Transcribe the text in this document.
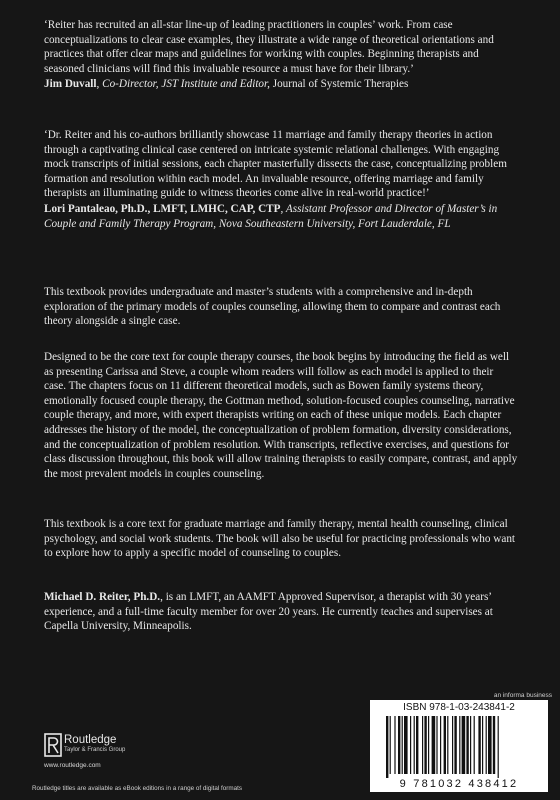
‘Reiter has recruited an all-star line-up of leading practitioners in couples’ work. From case conceptualizations to clear case examples, they illustrate a wide range of theoretical orientations and practices that offer clear maps and guidelines for working with couples. Beginning therapists and seasoned clinicians will find this invaluable resource a must have for their library.’

Jim Duvall, Co-Director, JST Institute and Editor, Journal of Systemic Therapies

‘Dr. Reiter and his co-authors brilliantly showcase 11 marriage and family therapy theories in action through a captivating clinical case centered on intricate systemic relational challenges. With engaging mock transcripts of initial sessions, each chapter masterfully dissects the case, conceptualizing problem formation and resolution within each model. An invaluable resource, offering marriage and family therapists an illuminating guide to witness theories come alive in real-world practice!’

Lori Pantaleao, Ph.D., LMFT, LMHC, CAP, CTP, Assistant Professor and Director of Master’s in Couple and Family Therapy Program, Nova Southeastern University, Fort Lauderdale, FL

This textbook provides undergraduate and master’s students with a comprehensive and in-depth exploration of the primary models of couples counseling, allowing them to compare and contrast each theory alongside a single case.
Designed to be the core text for couple therapy courses, the book begins by introducing the field as well as presenting Carissa and Steve, a couple whom readers will follow as each model is applied to their case. The chapters focus on 11 different theoretical models, such as Bowen family systems theory, emotionally focused couple therapy, the Gottman method, solution-focused couples counseling, narrative couple therapy, and more, with expert therapists writing on each of these unique models. Each chapter addresses the history of the model, the conceptualization of problem formation, diversity considerations, and the conceptualization of problem resolution. With transcripts, reflective exercises, and questions for class discussion throughout, this book will allow training therapists to easily compare, contrast, and apply the most prevalent models in couples counseling.
This textbook is a core text for graduate marriage and family therapy, mental health counseling, clinical psychology, and social work students. The book will also be useful for practicing professionals who want to explore how to apply a specific model of counseling to couples.
Michael D. Reiter, Ph.D., is an LMFT, an AAMFT Approved Supervisor, a therapist with 30 years’ experience, and a full-time faculty member for over 20 years. He currently teaches and supervises at Capella University, Minneapolis.
an informa business
ISBN 978-1-03-243841-2
9 781032 438412
Routledge
Taylor & Francis Group
www.routledge.com
Routledge titles are available as eBook editions in a range of digital formats
